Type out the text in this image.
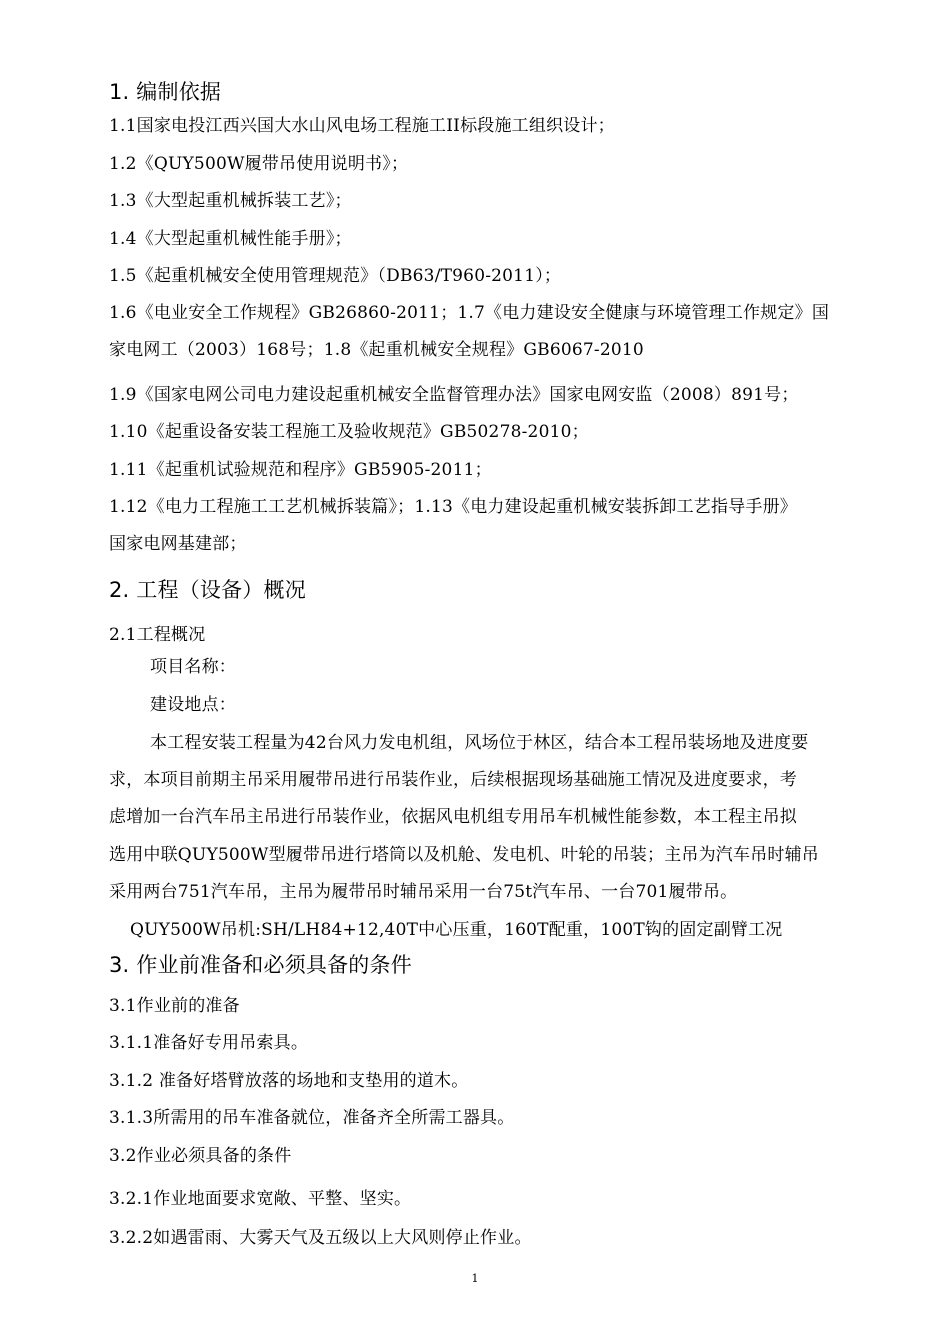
1. 编制依据
1.1国家电投江西兴国大水山风电场工程施工II标段施工组织设计；
1.2《QUY500W履带吊使用说明书》；
1.3《大型起重机械拆装工艺》；
1.4《大型起重机械性能手册》；
1.5《起重机械安全使用管理规范》（DB63/T960-2011）；
1.6《电业安全工作规程》GB26860-2011；1.7《电力建设安全健康与环境管理工作规定》国
家电网工（2003）168号；1.8《起重机械安全规程》GB6067-2010
1.9《国家电网公司电力建设起重机械安全监督管理办法》国家电网安监（2008）891号；
1.10《起重设备安装工程施工及验收规范》GB50278-2010；
1.11《起重机试验规范和程序》GB5905-2011；
1.12《电力工程施工工艺机械拆装篇》；1.13《电力建设起重机械安装拆卸工艺指导手册》
国家电网基建部；
2. 工程（设备）概况
2.1工程概况
项目名称：
建设地点：
本工程安装工程量为42台风力发电机组，风场位于林区，结合本工程吊装场地及进度要
求，本项目前期主吊采用履带吊进行吊装作业，后续根据现场基础施工情况及进度要求，考
虑增加一台汽车吊主吊进行吊装作业，依据风电机组专用吊车机械性能参数，本工程主吊拟
选用中联QUY500W型履带吊进行塔筒以及机舱、发电机、叶轮的吊装；主吊为汽车吊时辅吊
采用两台751汽车吊，主吊为履带吊时辅吊采用一台75t汽车吊、一台701履带吊。
QUY500W吊机:SH/LH84+12,40T中心压重，160T配重，100T钩的固定副臂工况
3. 作业前准备和必须具备的条件
3.1作业前的准备
3.1.1准备好专用吊索具。
3.1.2 准备好塔臂放落的场地和支垫用的道木。
3.1.3所需用的吊车准备就位，准备齐全所需工器具。
3.2作业必须具备的条件
3.2.1作业地面要求宽敞、平整、坚实。
3.2.2如遇雷雨、大雾天气及五级以上大风则停止作业。
1
